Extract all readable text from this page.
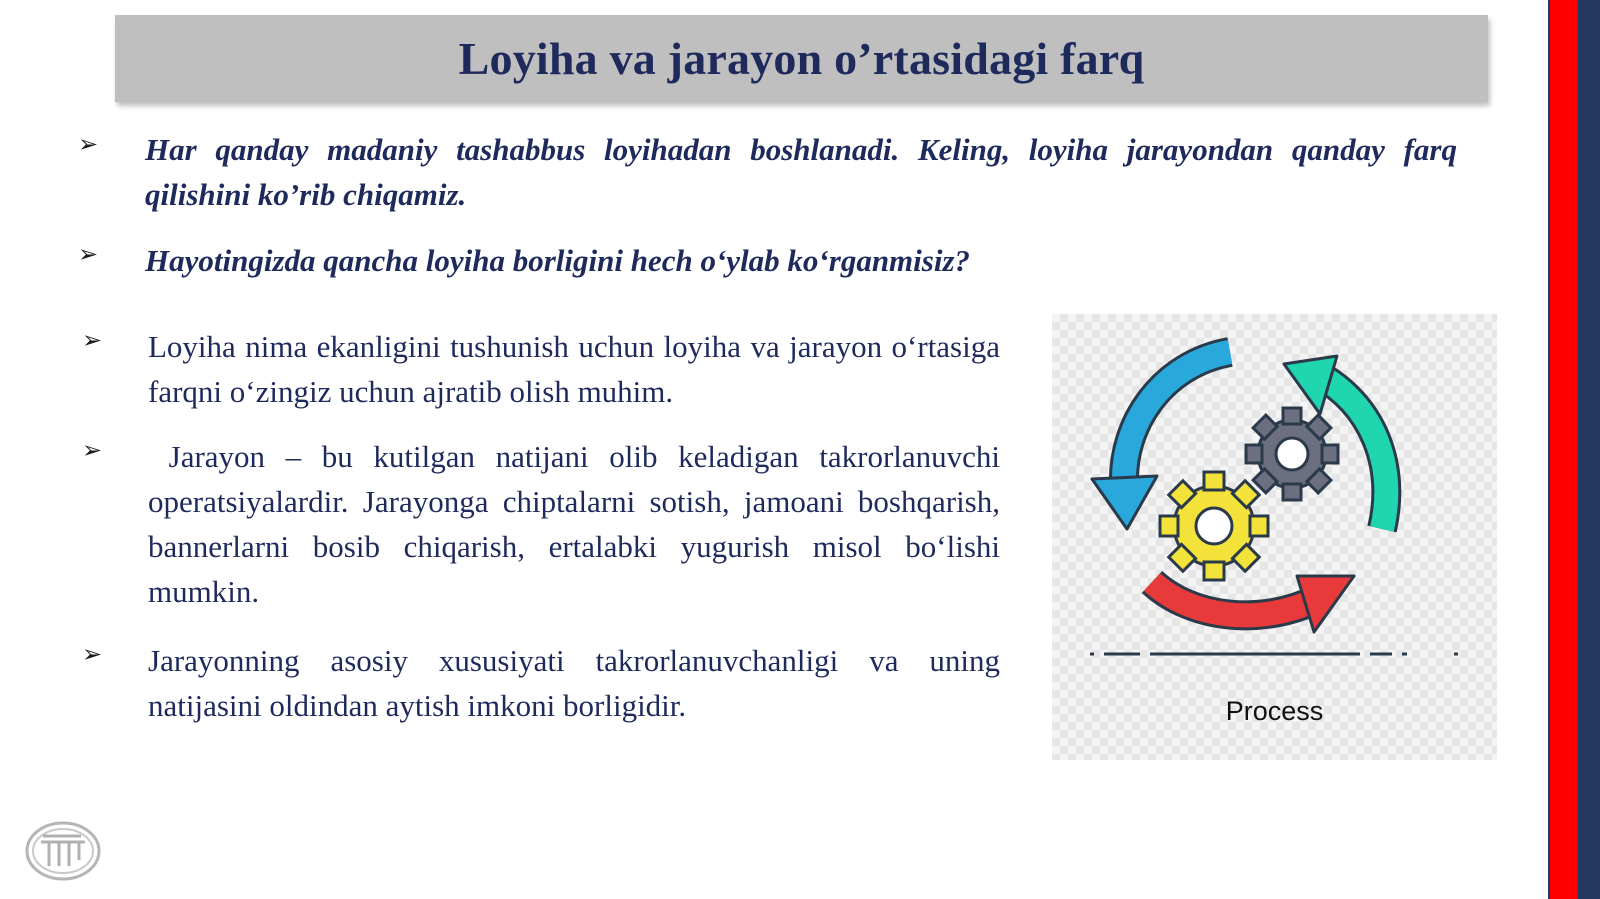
Loyiha va jarayon o’rtasidagi farq
➢ Har qanday madaniy tashabbus loyihadan boshlanadi. Keling, loyiha jarayondan qanday farq qilishini ko’rib chiqamiz.

➢ Hayotingizda qancha loyiha borligini hech o‘ylab ko‘rganmisiz?

➢ Loyiha nima ekanligini tushunish uchun loyiha va jarayon o‘rtasiga farqni o‘zingiz uchun ajratib olish muhim.

➢ Jarayon – bu kutilgan natijani olib keladigan takrorlanuvchi operatsiyalardir. Jarayonga chiptalarni sotish, jamoani boshqarish, bannerlarni bosib chiqarish, ertalabki yugurish misol bo‘lishi mumkin.

➢ Jarayonning asosiy xususiyati takrorlanuvchanligi va uning natijasini oldindan aytish imkoni borligidir.	Process
